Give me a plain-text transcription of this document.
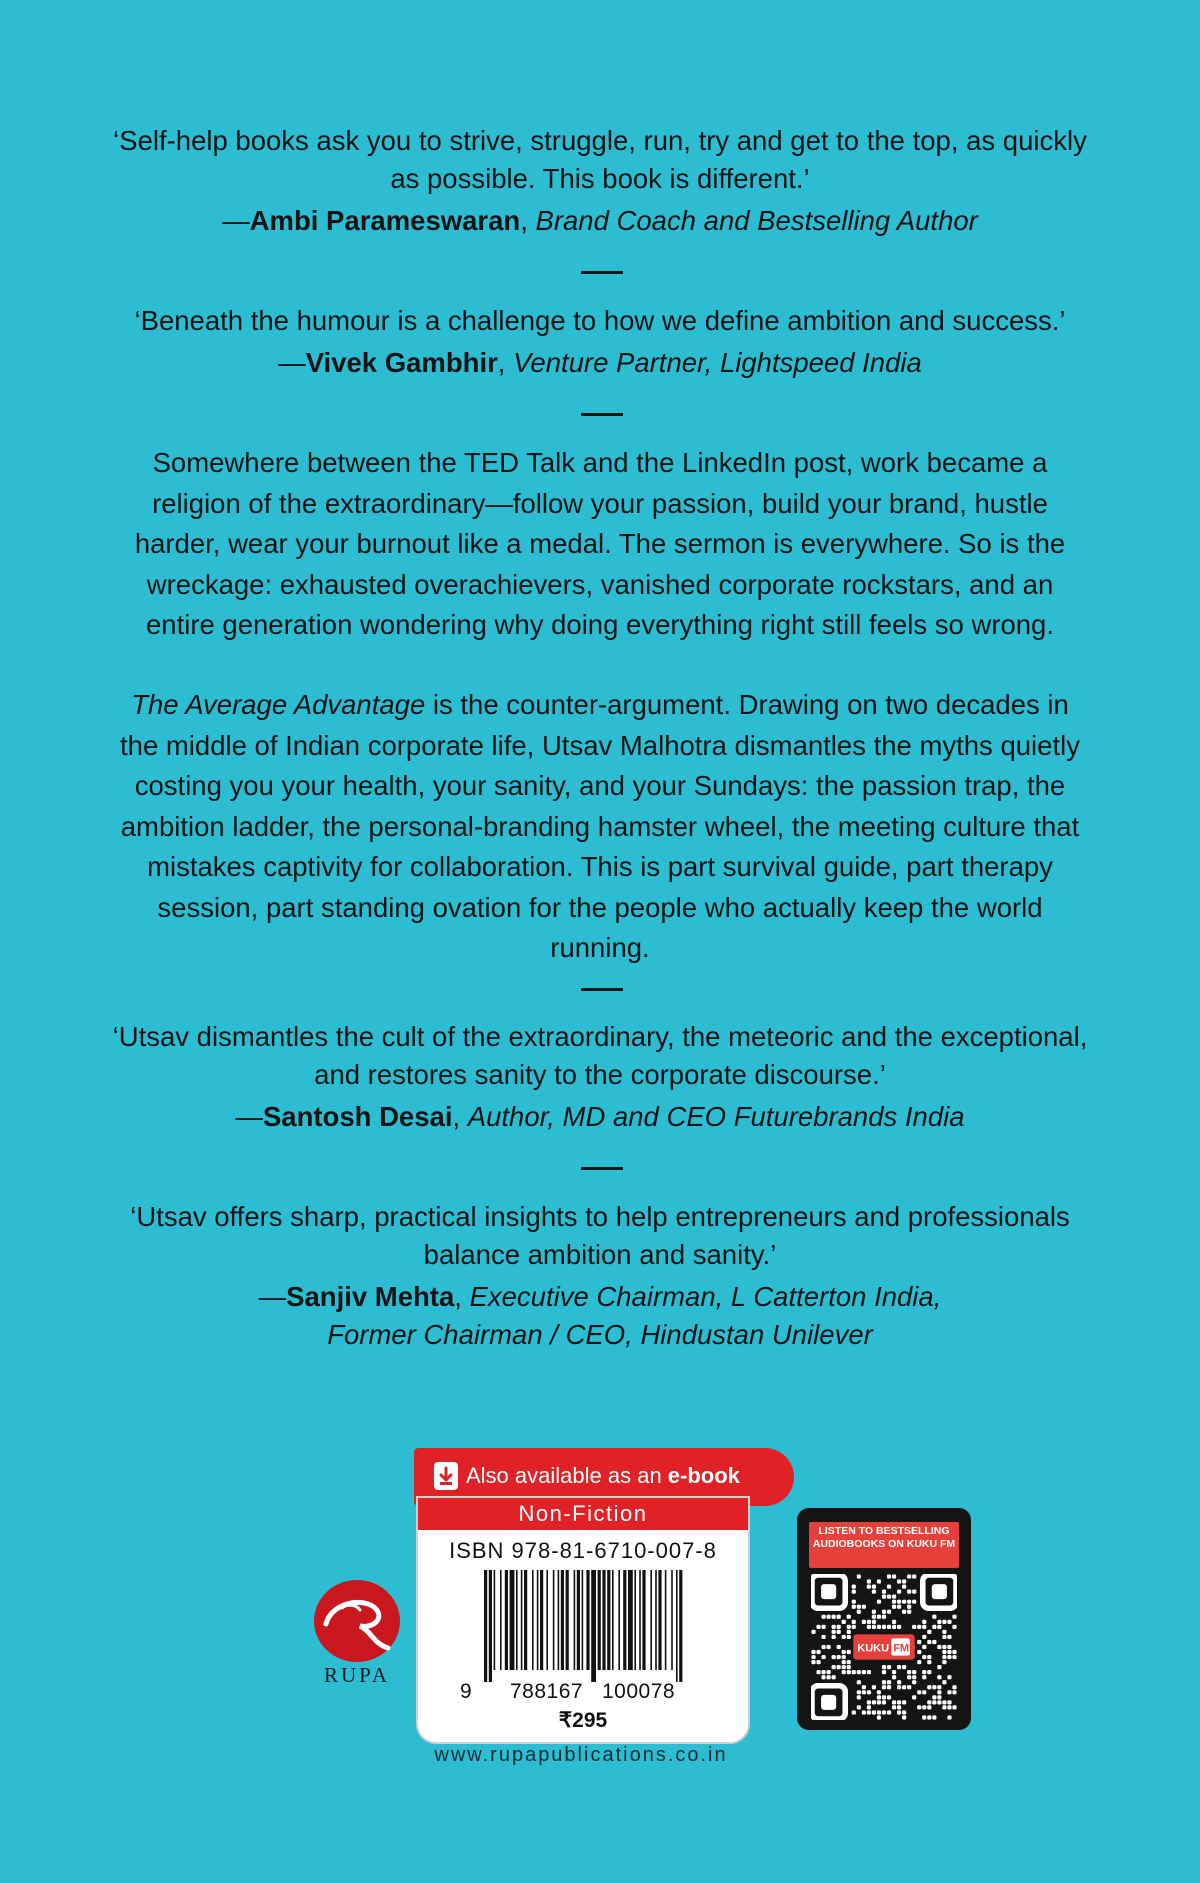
‘Self-help books ask you to strive, struggle, run, try and get to the top, as quickly as possible. This book is different.’

—Ambi Parameswaran, Brand Coach and Bestselling Author

‘Beneath the humour is a challenge to how we define ambition and success.’

—Vivek Gambhir, Venture Partner, Lightspeed India

Somewhere between the TED Talk and the LinkedIn post, work became a religion of the extraordinary—follow your passion, build your brand, hustle harder, wear your burnout like a medal. The sermon is everywhere. So is the wreckage: exhausted overachievers, vanished corporate rockstars, and an entire generation wondering why doing everything right still feels so wrong.

The Average Advantage is the counter-argument. Drawing on two decades in the middle of Indian corporate life, Utsav Malhotra dismantles the myths quietly costing you your health, your sanity, and your Sundays: the passion trap, the ambition ladder, the personal-branding hamster wheel, the meeting culture that mistakes captivity for collaboration. This is part survival guide, part therapy session, part standing ovation for the people who actually keep the world running.

‘Utsav dismantles the cult of the extraordinary, the meteoric and the exceptional, and restores sanity to the corporate discourse.’

—Santosh Desai, Author, MD and CEO Futurebrands India

‘Utsav offers sharp, practical insights to help entrepreneurs and professionals balance ambition and sanity.’

—Sanjiv Mehta, Executive Chairman, L Catterton India,
Former Chairman / CEO, Hindustan Unilever

RUPA
Also available as an e-book
Non-Fiction
ISBN 978-81-6710-007-8
9 788167 100078
₹295
www.rupapublications.co.in
LISTEN TO BESTSELLING AUDIOBOOKS ON KUKU FM
KUKU FM
